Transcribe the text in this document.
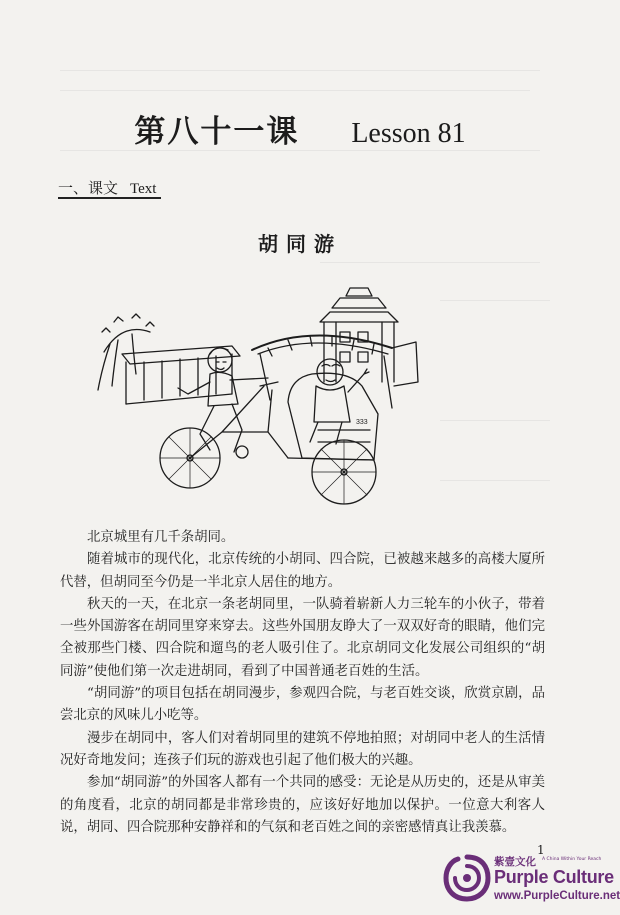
第八十一课 Lesson 81
一、课文 Text
胡同游
333

北京城里有几千条胡同。

随着城市的现代化，北京传统的小胡同、四合院，已被越来越多的高楼大厦所代替，但胡同至今仍是一半北京人居住的地方。

秋天的一天，在北京一条老胡同里，一队骑着崭新人力三轮车的小伙子，带着一些外国游客在胡同里穿来穿去。这些外国朋友睁大了一双双好奇的眼睛，他们完全被那些门楼、四合院和遛鸟的老人吸引住了。北京胡同文化发展公司组织的“胡同游”使他们第一次走进胡同，看到了中国普通老百姓的生活。

“胡同游”的项目包括在胡同漫步，参观四合院，与老百姓交谈，欣赏京剧，品尝北京的风味儿小吃等。

漫步在胡同中，客人们对着胡同里的建筑不停地拍照；对胡同中老人的生活情况好奇地发问；连孩子们玩的游戏也引起了他们极大的兴趣。

参加“胡同游”的外国客人都有一个共同的感受：无论是从历史的，还是从审美的角度看，北京的胡同都是非常珍贵的，应该好好地加以保护。一位意大利客人说，胡同、四合院那种安静祥和的气氛和老百姓之间的亲密感情真让我羡慕。

1
紫壹文化 A China Within Your Reach
Purple Culture
www.PurpleCulture.net
